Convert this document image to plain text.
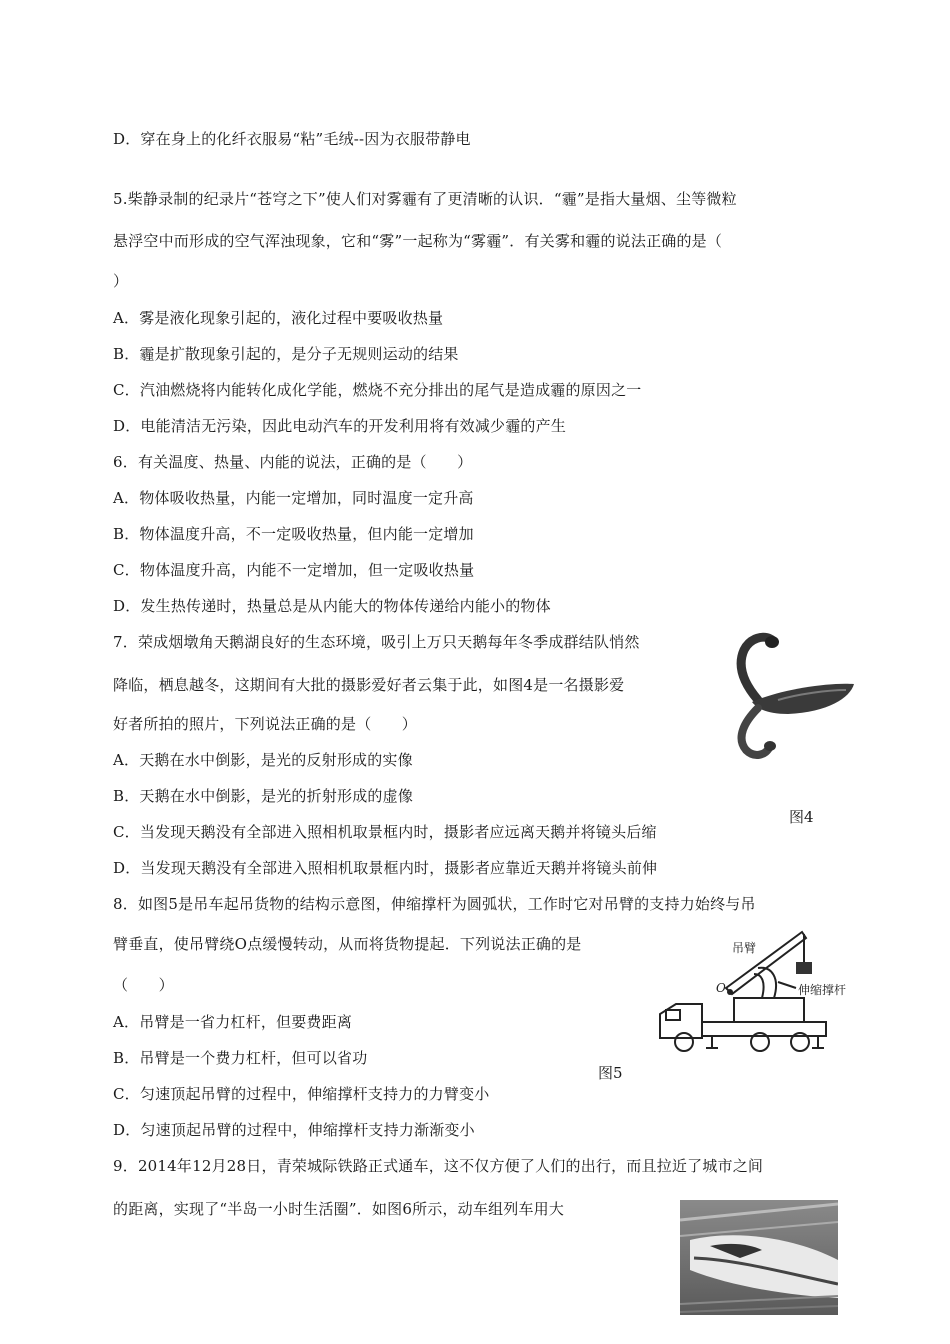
D．穿在身上的化纤衣服易“粘”毛绒--因为衣服带静电
5.柴静录制的纪录片“苍穹之下”使人们对雾霾有了更清晰的认识．“霾”是指大量烟、尘等微粒
悬浮空中而形成的空气浑浊现象，它和“雾”一起称为“雾霾”．有关雾和霾的说法正确的是（
）
A．雾是液化现象引起的，液化过程中要吸收热量
B．霾是扩散现象引起的，是分子无规则运动的结果
C．汽油燃烧将内能转化成化学能，燃烧不充分排出的尾气是造成霾的原因之一
D．电能清洁无污染，因此电动汽车的开发利用将有效减少霾的产生
6．有关温度、热量、内能的说法，正确的是（　　）
A．物体吸收热量，内能一定增加，同时温度一定升高
B．物体温度升高，不一定吸收热量，但内能一定增加
C．物体温度升高，内能不一定增加，但一定吸收热量
D．发生热传递时，热量总是从内能大的物体传递给内能小的物体
7．荣成烟墩角天鹅湖良好的生态环境，吸引上万只天鹅每年冬季成群结队悄然
降临，栖息越冬，这期间有大批的摄影爱好者云集于此，如图4是一名摄影爱
好者所拍的照片，下列说法正确的是（　　）
A．天鹅在水中倒影，是光的反射形成的实像
B．天鹅在水中倒影，是光的折射形成的虚像
C．当发现天鹅没有全部进入照相机取景框内时，摄影者应远离天鹅并将镜头后缩
D．当发现天鹅没有全部进入照相机取景框内时，摄影者应靠近天鹅并将镜头前伸
图4
8．如图5是吊车起吊货物的结构示意图，伸缩撑杆为圆弧状，工作时它对吊臂的支持力始终与吊
臂垂直，使吊臂绕O点缓慢转动，从而将货物提起．下列说法正确的是
（　　）
A．吊臂是一省力杠杆，但要费距离
B．吊臂是一个费力杠杆，但可以省功
C．匀速顶起吊臂的过程中，伸缩撑杆支持力的力臂变小
D．匀速顶起吊臂的过程中，伸缩撑杆支持力渐渐变小
吊臂
O	伸缩撑杆
图5
9．2014年12月28日，青荣城际铁路正式通车，这不仅方便了人们的出行，而且拉近了城市之间
的距离，实现了“半岛一小时生活圈”．如图6所示，动车组列车用大
